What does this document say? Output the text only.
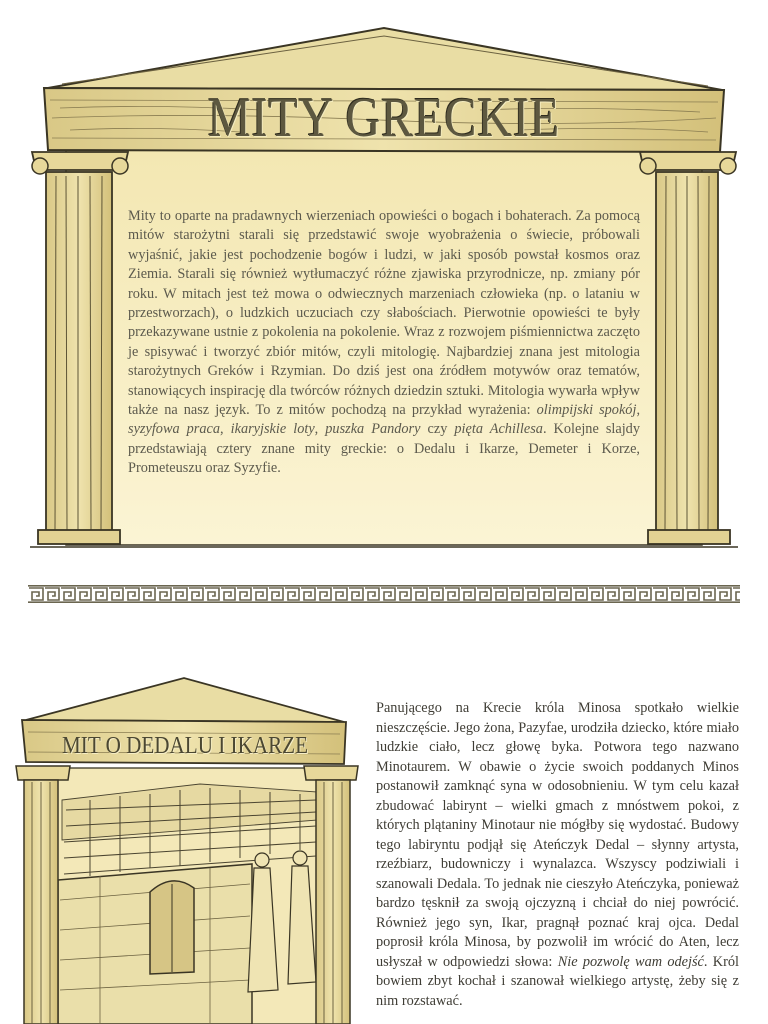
MITY GRECKIE

Mity to oparte na pradawnych wierzeniach opowieści o bogach i bohaterach. Za pomocą mitów starożytni starali się przedstawić swoje wyobrażenia o świecie, próbowali wyjaśnić, jakie jest pochodzenie bogów i ludzi, w jaki sposób powstał kosmos oraz Ziemia. Starali się również wytłumaczyć różne zjawiska przyrodnicze, np. zmiany pór roku. W mitach jest też mowa o odwiecznych marzeniach człowieka (np. o lataniu w przestworzach), o ludzkich uczuciach czy słabościach. Pierwotnie opowieści te były przekazywane ustnie z pokolenia na pokolenie. Wraz z rozwojem piśmiennictwa zaczęto je spisywać i tworzyć zbiór mitów, czyli mitologię. Najbardziej znana jest mitologia starożytnych Greków i Rzymian. Do dziś jest ona źródłem motywów oraz tematów, stanowiących inspirację dla twórców różnych dziedzin sztuki. Mitologia wywarła wpływ także na nasz język. To z mitów pochodzą na przykład wyrażenia: olimpijski spokój, syzyfowa praca, ikaryjskie loty, puszka Pandory czy pięta Achillesa. Kolejne slajdy przedstawiają cztery znane mity greckie: o Dedalu i Ikarze, Demeter i Korze, Prometeuszu oraz Syzyfie.

MIT O DEDALU I IKARZE

Panującego na Krecie króla Minosa spotkało wielkie nieszczęście. Jego żona, Pazyfae, urodziła dziecko, które miało ludzkie ciało, lecz głowę byka. Potwora tego nazwano Minotaurem. W obawie o życie swoich poddanych Minos postanowił zamknąć syna w odosobnieniu. W tym celu kazał zbudować labirynt – wielki gmach z mnóstwem pokoi, z których plątaniny Minotaur nie mógłby się wydostać. Budowy tego labiryntu podjął się Ateńczyk Dedal – słynny artysta, rzeźbiarz, budowniczy i wynalazca. Wszyscy podziwiali i szanowali Dedala. To jednak nie cieszyło Ateńczyka, ponieważ bardzo tęsknił za swoją ojczyzną i chciał do niej powrócić. Również jego syn, Ikar, pragnął poznać kraj ojca. Dedal poprosił króla Minosa, by pozwolił im wrócić do Aten, lecz usłyszał w odpowiedzi słowa: Nie pozwolę wam odejść. Król bowiem zbyt kochał i szanował wielkiego artystę, żeby się z nim rozstawać.
